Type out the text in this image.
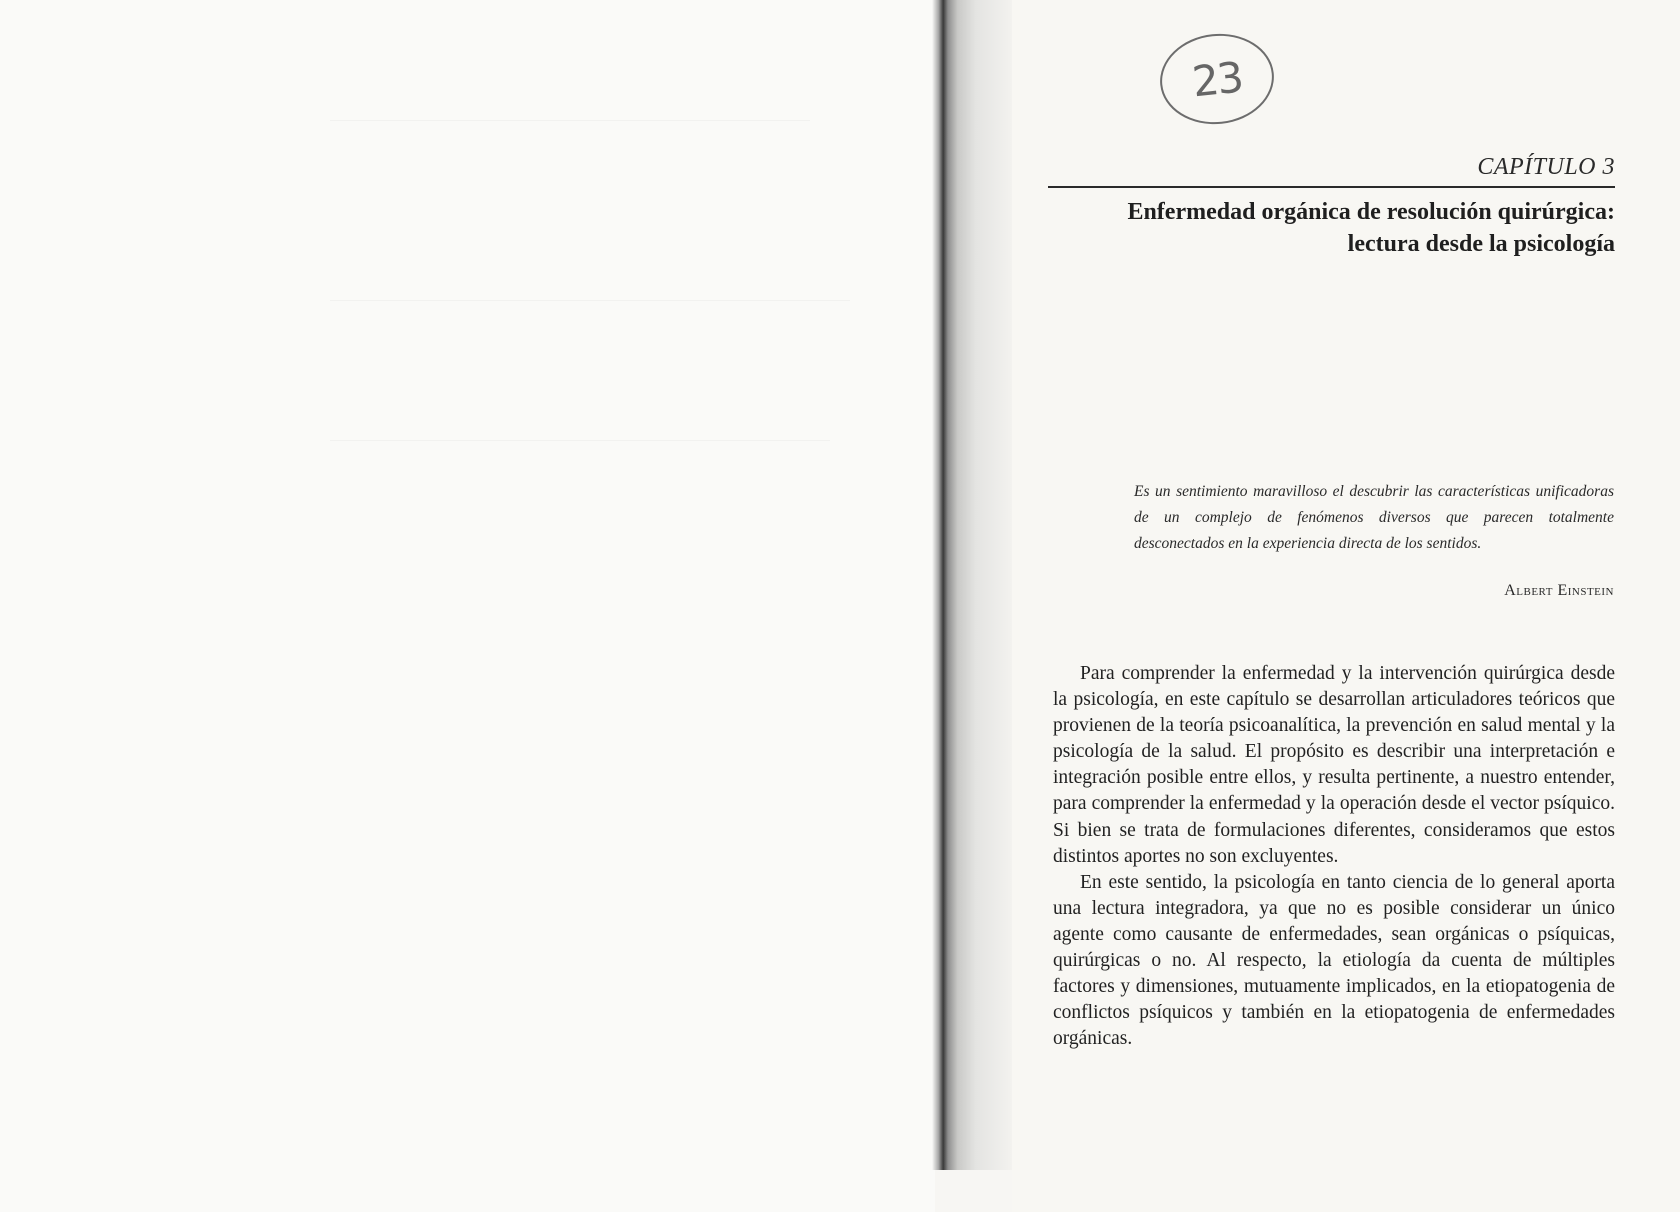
23
CAPÍTULO 3
Enfermedad orgánica de resolución quirúrgica:
lectura desde la psicología
Es un sentimiento maravilloso el descubrir las características unificadoras de un complejo de fenómenos diversos que parecen totalmente desconectados en la experiencia directa de los sentidos.
Albert Einstein

Para comprender la enfermedad y la intervención quirúrgica desde la psicología, en este capítulo se desarrollan articuladores teóricos que provienen de la teoría psicoanalítica, la prevención en salud mental y la psicología de la salud. El propósito es describir una interpretación e integración posible entre ellos, y resulta pertinente, a nuestro entender, para comprender la enfermedad y la operación desde el vector psíquico. Si bien se trata de formulaciones diferentes, consideramos que estos distintos aportes no son excluyentes.

En este sentido, la psicología en tanto ciencia de lo general aporta una lectura integradora, ya que no es posible considerar un único agente como causante de enfermedades, sean orgánicas o psíquicas, quirúrgicas o no. Al respecto, la etiología da cuenta de múltiples factores y dimensiones, mutuamente implicados, en la etiopatogenia de conflictos psíquicos y también en la etiopatogenia de enfermedades orgánicas.
